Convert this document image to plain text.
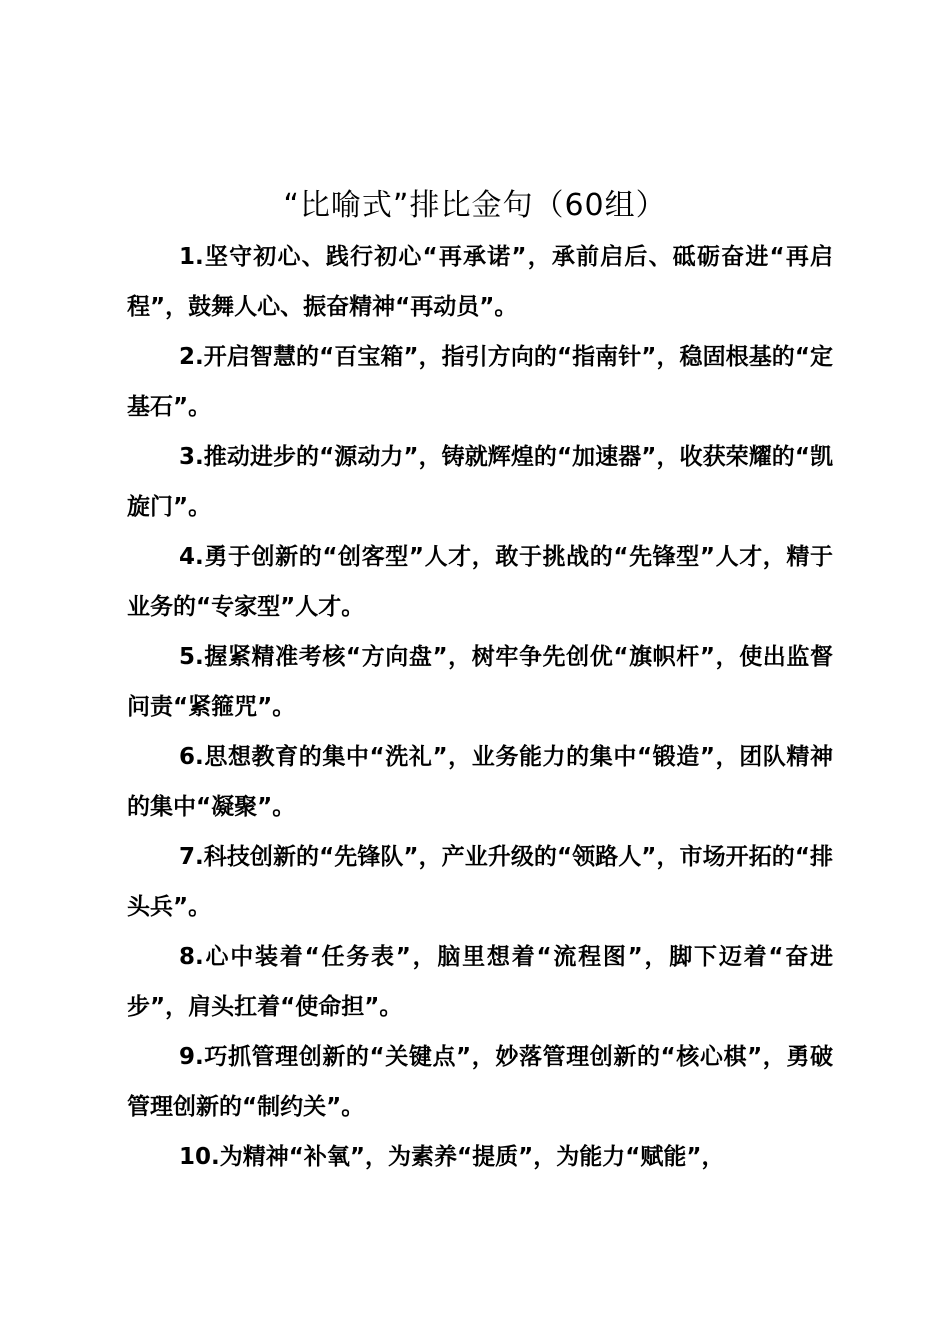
“比喻式”排比金句（60组）

1.坚守初心、践行初心“再承诺”，承前启后、砥砺奋进“再启程”，鼓舞人心、振奋精神“再动员”。

2.开启智慧的“百宝箱”，指引方向的“指南针”，稳固根基的“定基石”。

3.推动进步的“源动力”，铸就辉煌的“加速器”，收获荣耀的“凯旋门”。

4.勇于创新的“创客型”人才，敢于挑战的“先锋型”人才，精于业务的“专家型”人才。

5.握紧精准考核“方向盘”，树牢争先创优“旗帜杆”，使出监督问责“紧箍咒”。

6.思想教育的集中“洗礼”，业务能力的集中“锻造”，团队精神的集中“凝聚”。

7.科技创新的“先锋队”，产业升级的“领路人”，市场开拓的“排头兵”。

8.心中装着“任务表”，脑里想着“流程图”，脚下迈着“奋进步”，肩头扛着“使命担”。

9.巧抓管理创新的“关键点”，妙落管理创新的“核心棋”，勇破管理创新的“制约关”。

10.为精神“补氧”，为素养“提质”，为能力“赋能”，
